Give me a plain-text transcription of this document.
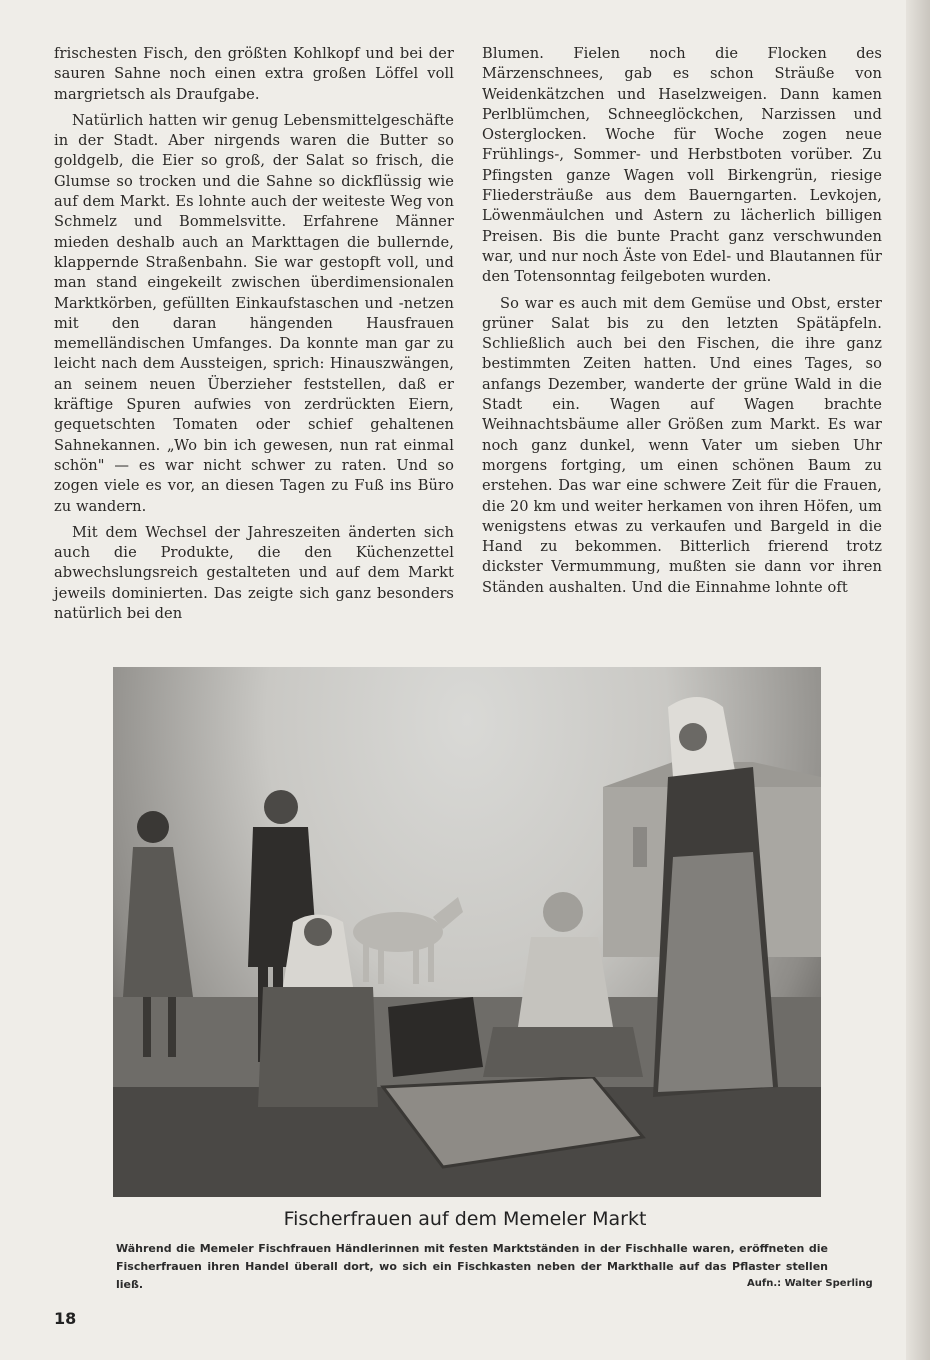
frischesten Fisch, den größten Kohlkopf und bei der sauren Sahne noch einen extra großen Löffel voll margrietsch als Draufgabe.

Natürlich hatten wir genug Lebensmittelgeschäfte in der Stadt. Aber nirgends waren die Butter so goldgelb, die Eier so groß, der Salat so frisch, die Glumse so trocken und die Sahne so dickflüssig wie auf dem Markt. Es lohnte auch der weiteste Weg von Schmelz und Bommelsvitte. Erfahrene Männer mieden deshalb auch an Markttagen die bullernde, klappernde Straßenbahn. Sie war gestopft voll, und man stand eingekeilt zwischen überdimensionalen Marktkörben, gefüllten Einkaufstaschen und -netzen mit den daran hängenden Hausfrauen memelländischen Umfanges. Da konnte man gar zu leicht nach dem Aussteigen, sprich: Hinauszwängen, an seinem neuen Überzieher feststellen, daß er kräftige Spuren aufwies von zerdrückten Eiern, gequetschten Tomaten oder schief gehaltenen Sahnekannen. „Wo bin ich gewesen, nun rat einmal schön" — es war nicht schwer zu raten. Und so zogen viele es vor, an diesen Tagen zu Fuß ins Büro zu wandern.

Mit dem Wechsel der Jahreszeiten änderten sich auch die Produkte, die den Küchenzettel abwechslungsreich gestalteten und auf dem Markt jeweils dominierten. Das zeigte sich ganz besonders natürlich bei den

Blumen. Fielen noch die Flocken des Märzenschnees, gab es schon Sträuße von Weidenkätzchen und Haselzweigen. Dann kamen Perlblümchen, Schneeglöckchen, Narzissen und Osterglocken. Woche für Woche zogen neue Frühlings-, Sommer- und Herbstboten vorüber. Zu Pfingsten ganze Wagen voll Birkengrün, riesige Fliedersträuße aus dem Bauerngarten. Levkojen, Löwenmäulchen und Astern zu lächerlich billigen Preisen. Bis die bunte Pracht ganz verschwunden war, und nur noch Äste von Edel- und Blautannen für den Totensonntag feilgeboten wurden.

So war es auch mit dem Gemüse und Obst, erster grüner Salat bis zu den letzten Spätäpfeln. Schließlich auch bei den Fischen, die ihre ganz bestimmten Zeiten hatten. Und eines Tages, so anfangs Dezember, wanderte der grüne Wald in die Stadt ein. Wagen auf Wagen brachte Weihnachtsbäume aller Größen zum Markt. Es war noch ganz dunkel, wenn Vater um sieben Uhr morgens fortging, um einen schönen Baum zu erstehen. Das war eine schwere Zeit für die Frauen, die 20 km und weiter herkamen von ihren Höfen, um wenigstens etwas zu verkaufen und Bargeld in die Hand zu bekommen. Bitterlich frierend trotz dickster Vermummung, mußten sie dann vor ihren Ständen aushalten. Und die Einnahme lohnte oft

Fischerfrauen auf dem Memeler Markt
Während die Memeler Fischfrauen Händlerinnen mit festen Marktständen in der Fischhalle waren, eröffneten die Fischerfrauen ihren Handel überall dort, wo sich ein Fischkasten neben der Markthalle auf das Pflaster stellen ließ.	Aufn.: Walter Sperling
18
